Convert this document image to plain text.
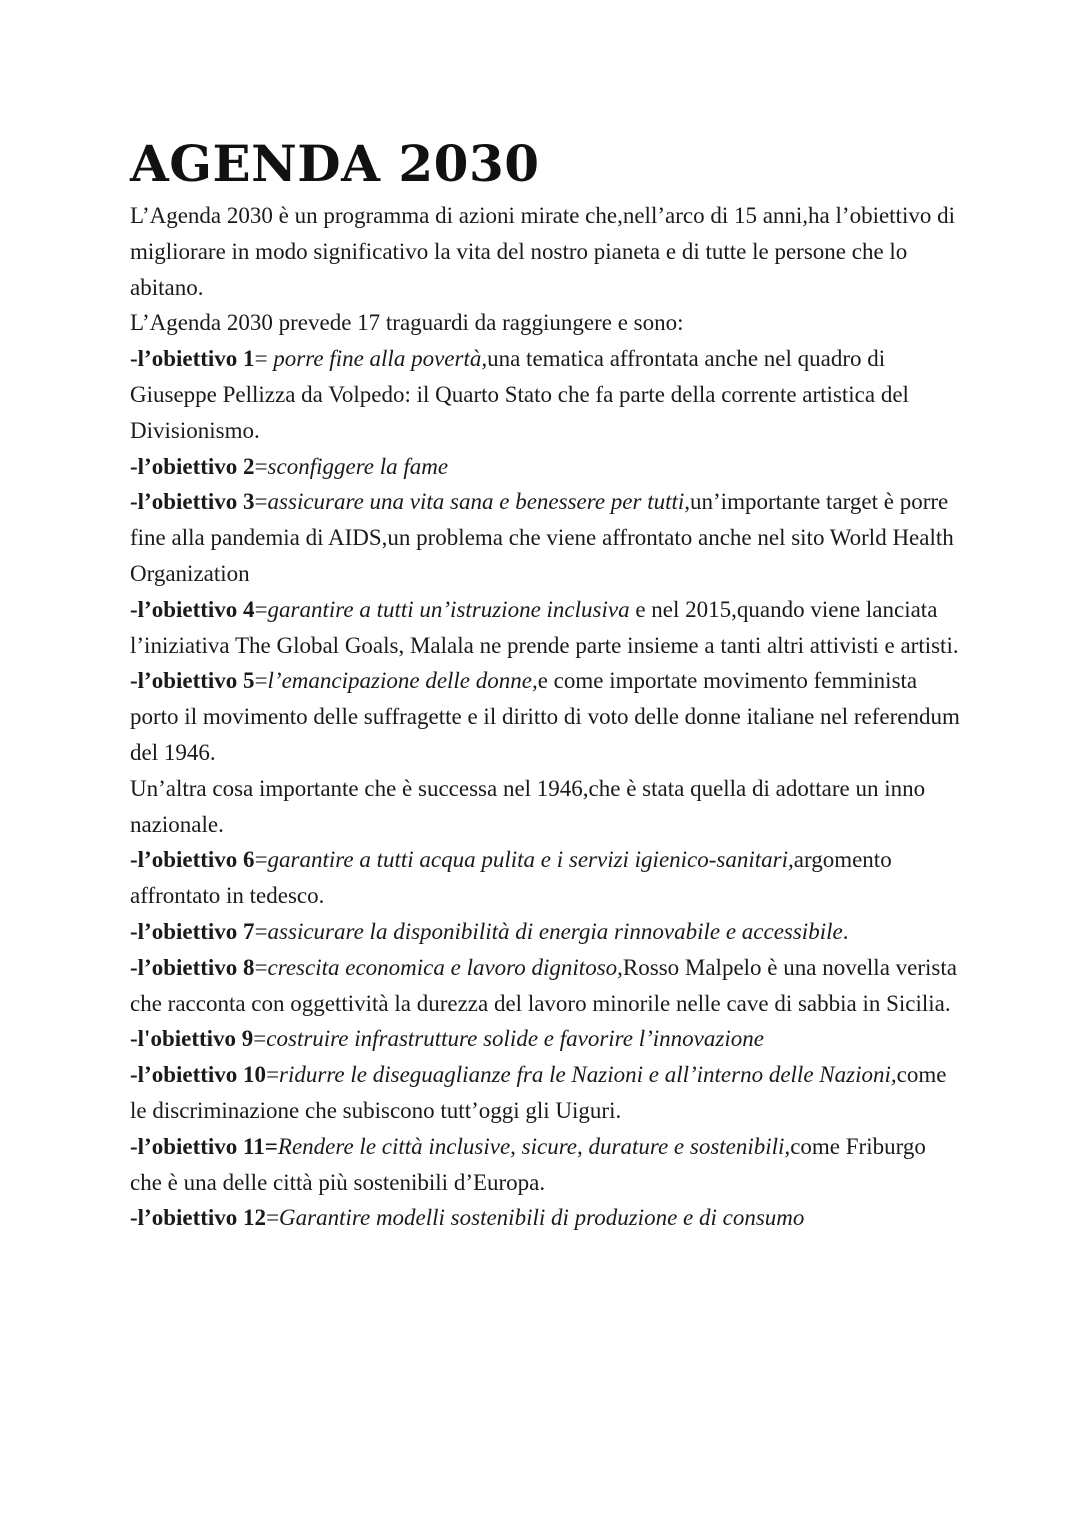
AGENDA 2030

L’Agenda 2030 è un programma di azioni mirate che,nell’arco di 15 anni,ha l’obiettivo di migliorare in modo significativo la vita del nostro pianeta e di tutte le persone che lo abitano.

L’Agenda 2030 prevede 17 traguardi da raggiungere e sono:

-l’obiettivo 1= porre fine alla povertà,una tematica affrontata anche nel quadro di Giuseppe Pellizza da Volpedo: il Quarto Stato che fa parte della corrente artistica del Divisionismo.

-l’obiettivo 2=sconfiggere la fame

-l’obiettivo 3=assicurare una vita sana e benessere per tutti,un’importante target è porre fine alla pandemia di AIDS,un problema che viene affrontato anche nel sito World Health Organization

-l’obiettivo 4=garantire a tutti un’istruzione inclusiva e nel 2015,quando viene lanciata l’iniziativa The Global Goals, Malala ne prende parte insieme a tanti altri attivisti e artisti.

-l’obiettivo 5=l’emancipazione delle donne,e come importate movimento femminista porto il movimento delle suffragette e il diritto di voto delle donne italiane nel referendum del 1946.

Un’altra cosa importante che è successa nel 1946,che è stata quella di adottare un inno nazionale.

-l’obiettivo 6=garantire a tutti acqua pulita e i servizi igienico-sanitari,argomento affrontato in tedesco.

-l’obiettivo 7=assicurare la disponibilità di energia rinnovabile e accessibile.

-l’obiettivo 8=crescita economica e lavoro dignitoso,Rosso Malpelo è una novella verista che racconta con oggettività la durezza del lavoro minorile nelle cave di sabbia in Sicilia.

-l'obiettivo 9=costruire infrastrutture solide e favorire l’innovazione

-l’obiettivo 10=ridurre le diseguaglianze fra le Nazioni e all’interno delle Nazioni,come le discriminazione che subiscono tutt’oggi gli Uiguri.

-l’obiettivo 11=Rendere le città inclusive, sicure, durature e sostenibili,come Friburgo che è una delle città più sostenibili d’Europa.

-l’obiettivo 12=Garantire modelli sostenibili di produzione e di consumo
